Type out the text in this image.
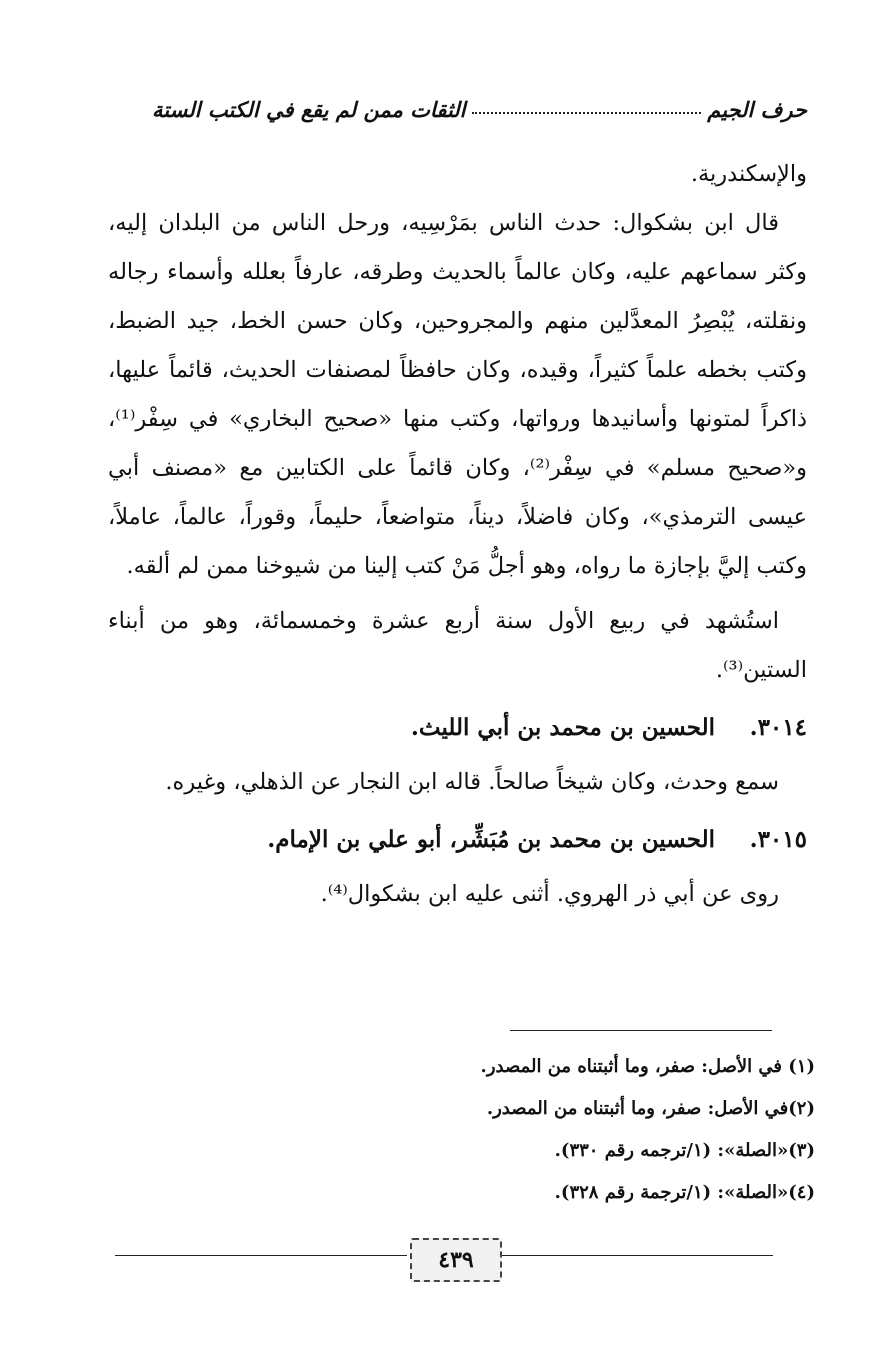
حرف الجيم
الثقات ممن لم يقع في الكتب الستة

والإسكندرية.

قال ابن بشكوال: حدث الناس بمَرْسِيه، ورحل الناس من البلدان إليه، وكثر سماعهم عليه، وكان عالماً بالحديث وطرقه، عارفاً بعلله وأسماء رجاله ونقلته، يُبْصِرُ المعدَّلين منهم والمجروحين، وكان حسن الخط، جيد الضبط، وكتب بخطه علماً كثيراً، وقيده، وكان حافظاً لمصنفات الحديث، قائماً عليها، ذاكراً لمتونها وأسانيدها ورواتها، وكتب منها «صحيح البخاري» في سِفْر⁽¹⁾، و«صحيح مسلم» في سِفْر⁽²⁾، وكان قائماً على الكتابين مع «مصنف أبي عيسى الترمذي»، وكان فاضلاً، ديناً، متواضعاً، حليماً، وقوراً، عالماً، عاملاً، وكتب إليَّ بإجازة ما رواه، وهو أجلُّ مَنْ كتب إلينا من شيوخنا ممن لم ألقه.

استُشهد في ربيع الأول سنة أربع عشرة وخمسمائة، وهو من أبناء الستين⁽³⁾.

٣٠١٤.
الحسين بن محمد بن أبي الليث.

سمع وحدث، وكان شيخاً صالحاً. قاله ابن النجار عن الذهلي، وغيره.

٣٠١٥.
الحسين بن محمد بن مُبَشِّر، أبو علي بن الإمام.

روى عن أبي ذر الهروي. أثنى عليه ابن بشكوال⁽⁴⁾.

(١) في الأصل: صفر، وما أثبتناه من المصدر.

(٢)في الأصل: صفر، وما أثبتناه من المصدر.

(٣)«الصلة»: (١/ترجمه رقم ٣٣٠).

(٤)«الصلة»: (١/ترجمة رقم ٣٢٨).

٤٣٩
